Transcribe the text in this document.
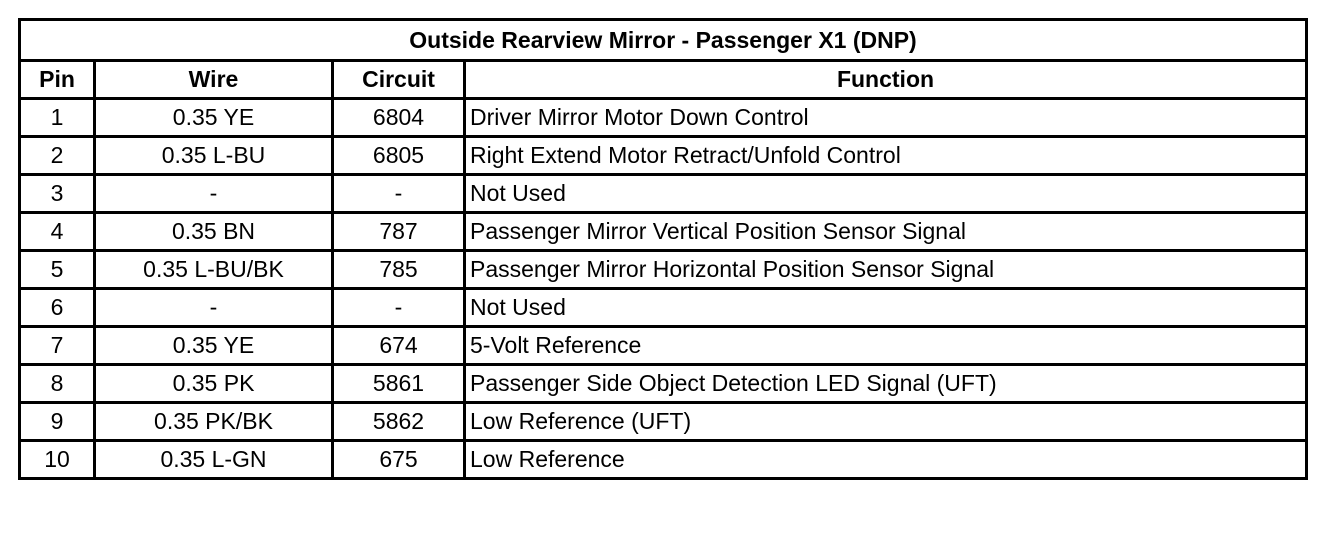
Outside Rearview Mirror - Passenger X1 (DNP)			
Pin	Wire	Circuit	Function
1	0.35 YE	6804	Driver Mirror Motor Down Control
2	0.35 L-BU	6805	Right Extend Motor Retract/Unfold Control
3	-	-	Not Used
4	0.35 BN	787	Passenger Mirror Vertical Position Sensor Signal
5	0.35 L-BU/BK	785	Passenger Mirror Horizontal Position Sensor Signal
6	-	-	Not Used
7	0.35 YE	674	5-Volt Reference
8	0.35 PK	5861	Passenger Side Object Detection LED Signal (UFT)
9	0.35 PK/BK	5862	Low Reference (UFT)
10	0.35 L-GN	675	Low Reference
